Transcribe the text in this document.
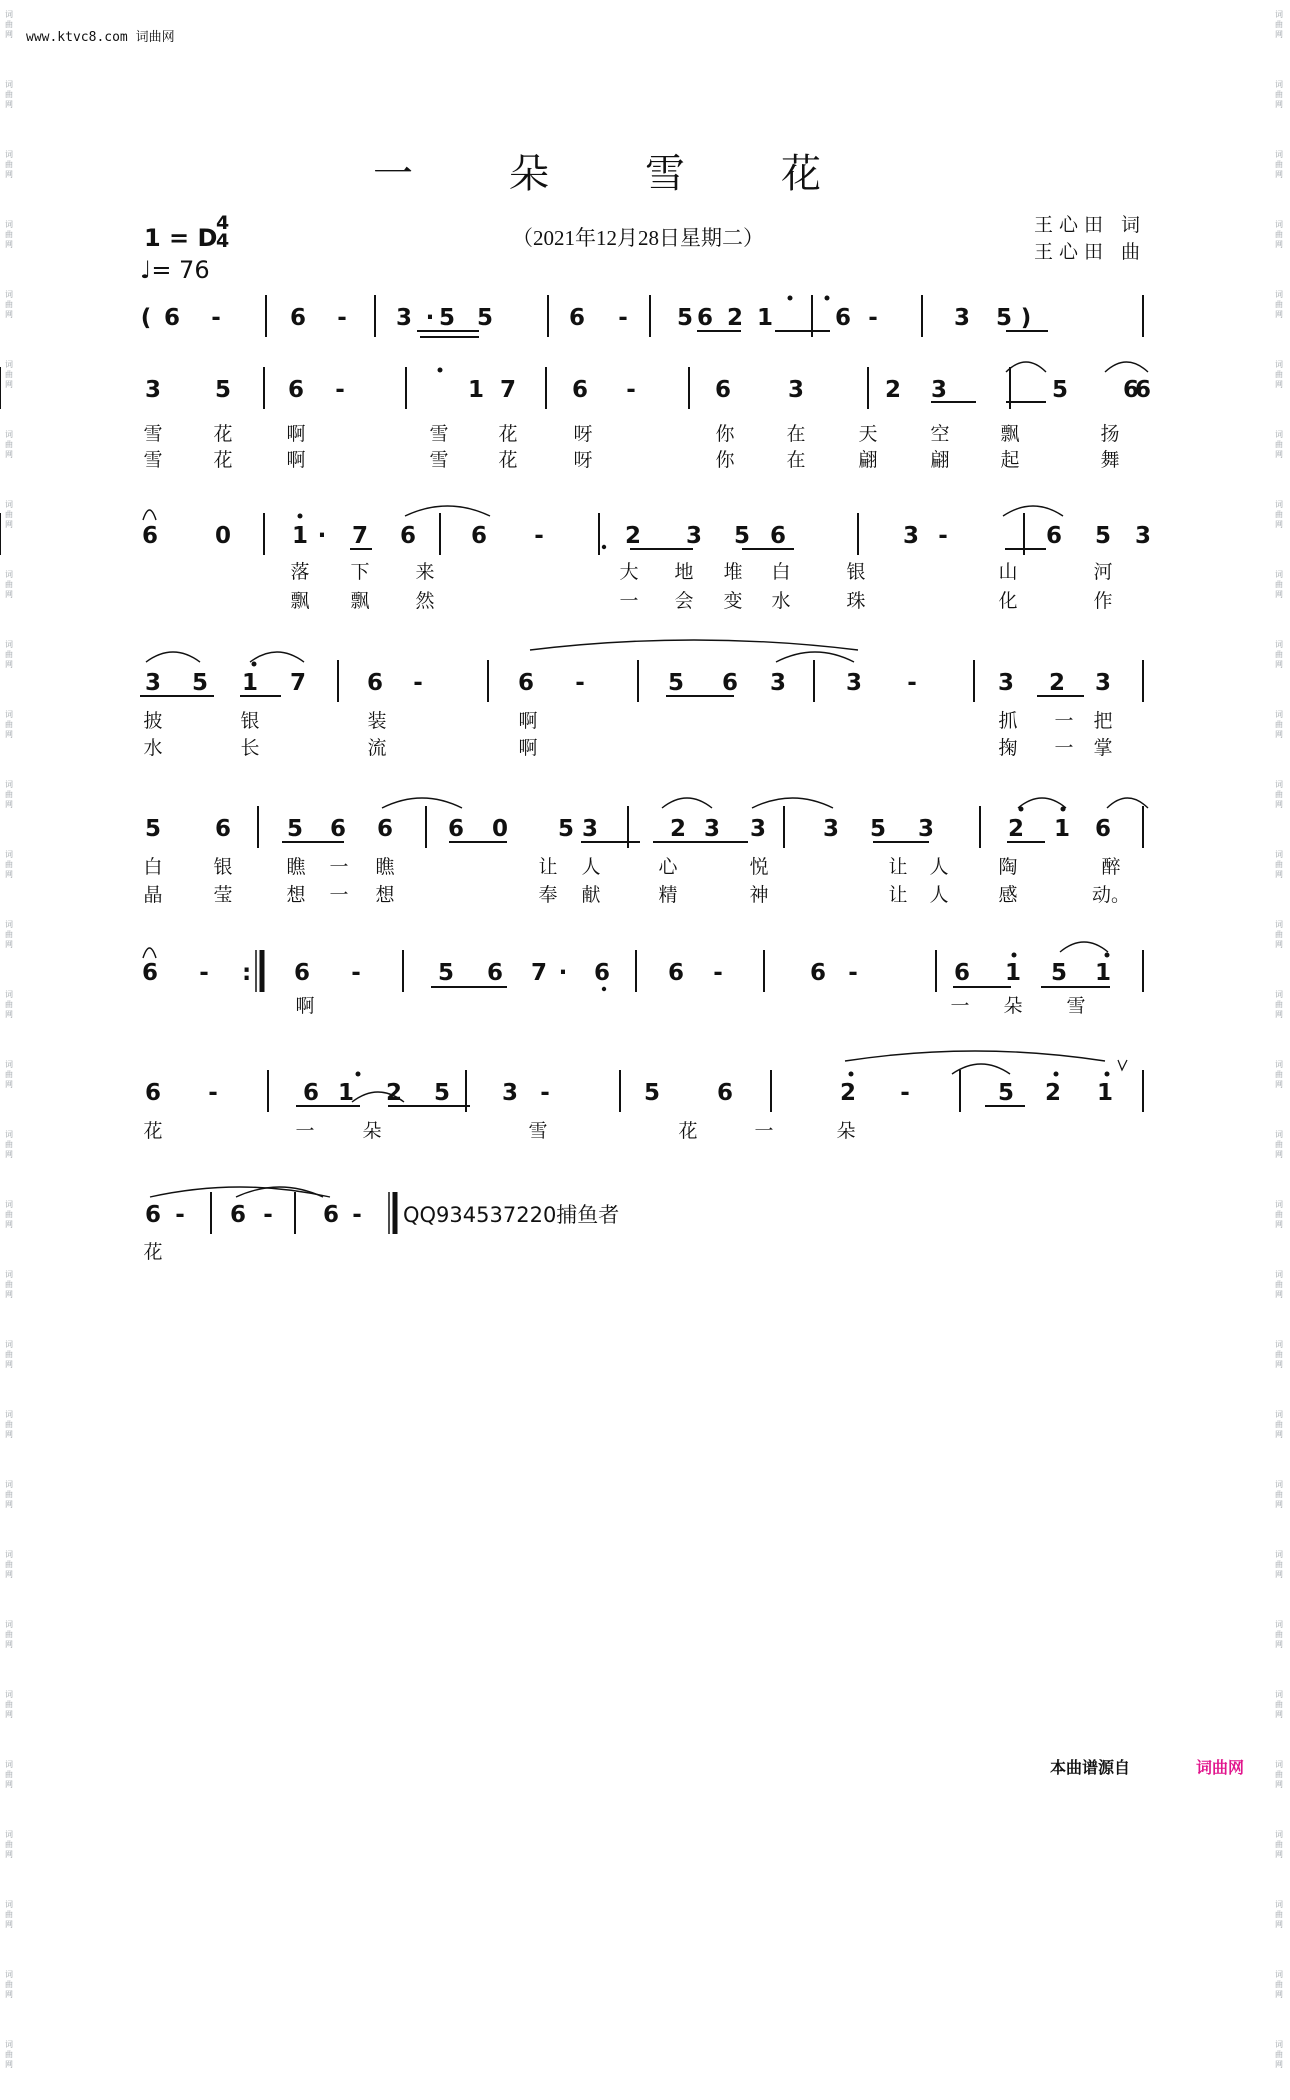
词
曲
网
词
曲
网
词
曲
网
词
曲
网
词
曲
网
词
曲
网
词
曲
网
词
曲
网
词
曲
网
词
曲
网
词
曲
网
词
曲
网
词
曲
网
词
曲
网
词
曲
网
词
曲
网
词
曲
网
词
曲
网
词
曲
网
词
曲
网
词
曲
网
词
曲
网
词
曲
网
词
曲
网
词
曲
网
词
曲
网
词
曲
网
词
曲
网
词
曲
网
词
曲
网
词
曲
网
词
曲
网
词
曲
网
词
曲
网
词
曲
网
词
曲
网
词
曲
网
词
曲
网
词
曲
网
词
曲
网
词
曲
网
词
曲
网
词
曲
网
词
曲
网
词
曲
网
词
曲
网
词
曲
网
词
曲
网
词
曲
网
词
曲
网
词
曲
网
词
曲
网
词
曲
网
词
曲
网
词
曲
网
词
曲
网
词
曲
网
词
曲
网
词
曲
网
词
曲
网
www.ktvc8.com 词曲网
一朵雪花
（2021年12月28日星期二）
王心田 词
王心田 曲
1 = D
4
4
♩= 76
( 6 -	6 - 3 · 5 5	6 - 5 6 2 1	6 -	3 5 )
3 5 6 -	1 7 6 -	6 3	2 3	5 6
6
雪	花	啊	雪	花	呀	你	在	天	空	飘	扬
雪	花	啊	雪	花	呀	你	在	翩	翩	起	舞
6 0	1 · 7 6 6 -	2 3 5 6	3 -	6 5 3
落 下 来	大 地 堆 白	银	山	河
飘 飘 然	一 会 变 水	珠	化	作
3 5 1 7	6 -	6 -	5 6 3	3 -	3 2 3
披	银	装	啊	抓 一 把
水	长	流	啊	掬 一 掌
5 6 5 6 6 6 0 5 3	2 3 3 3 5 3	2 1 6
白	银	瞧 一 瞧	让 人	心	悦	让 人	陶	醉
晶	莹	想 一 想	奉 献	精	神	让 人	感	动。
6 - : 6 -	5 6 7 · 6	6 -	6 -	6 1 5 1
啊	一 朵 雪
6 -	6 1 2 5 3 -	5 6	2 -	5 2 1
花	一	朵	雪	花	一	朵
6 - 6 - 6 -
花
QQ934537220捕鱼者
本曲谱源自	词曲网
